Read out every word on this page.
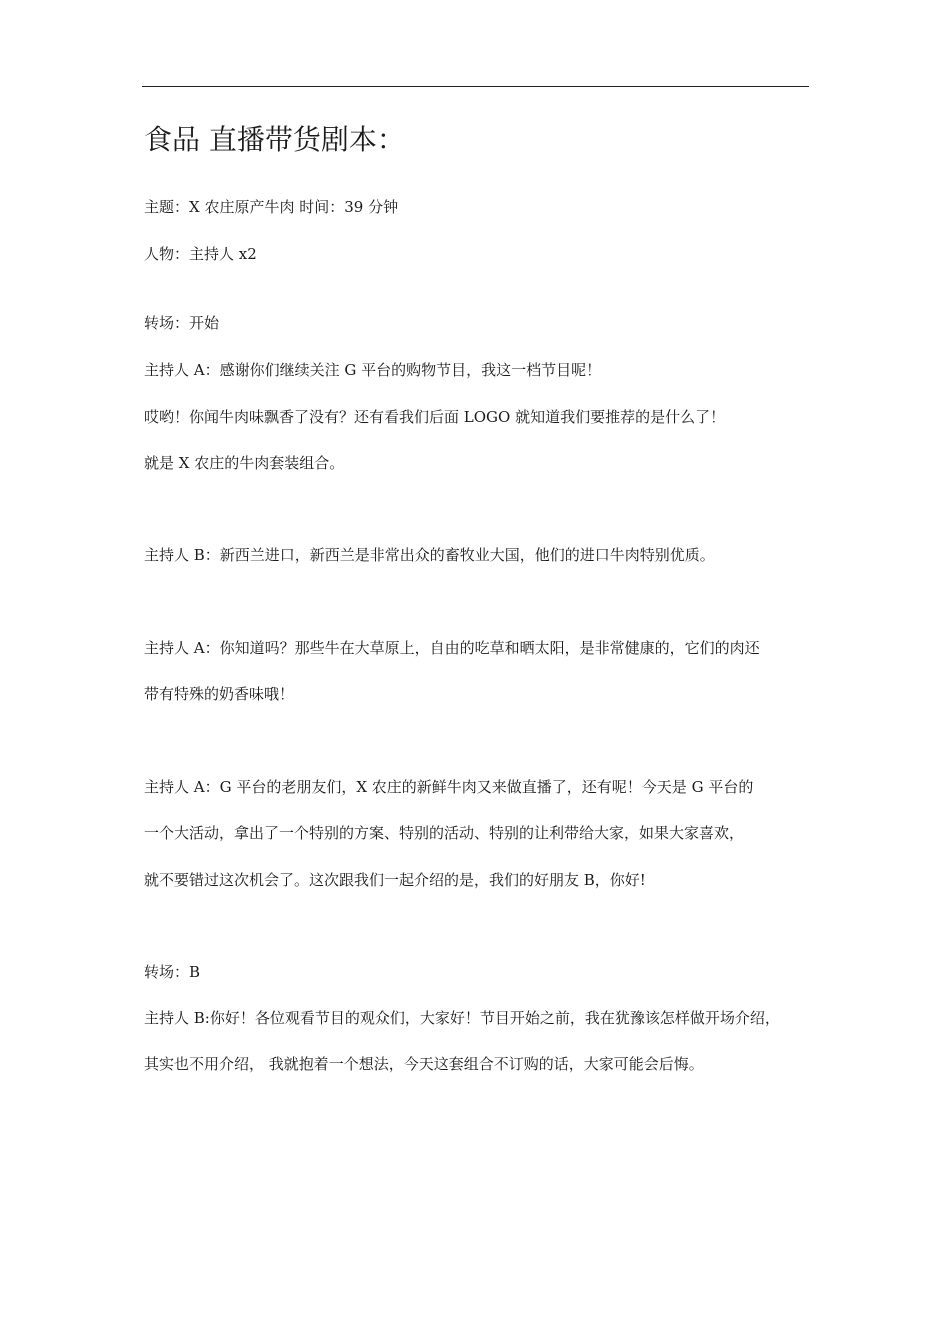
食品 直播带货剧本：

主题：X 农庄原产牛肉 时间：39 分钟

人物：主持人 x2

转场：开始

主持人 A：感谢你们继续关注 G 平台的购物节目，我这一档节目呢！

哎哟！你闻牛肉味飘香了没有？还有看我们后面 LOGO 就知道我们要推荐的是什么了！

就是 X 农庄的牛肉套装组合。

主持人 B：新西兰进口，新西兰是非常出众的畜牧业大国，他们的进口牛肉特别优质。

主持人 A：你知道吗？那些牛在大草原上，自由的吃草和晒太阳，是非常健康的，它们的肉还

带有特殊的奶香味哦！

主持人 A：G 平台的老朋友们，X 农庄的新鲜牛肉又来做直播了，还有呢！今天是 G 平台的

一个大活动，拿出了一个特别的方案、特别的活动、特别的让利带给大家，如果大家喜欢，

就不要错过这次机会了。这次跟我们一起介绍的是，我们的好朋友 B，你好!

转场：B

主持人 B:你好！各位观看节目的观众们，大家好！节目开始之前，我在犹豫该怎样做开场介绍，

其实也不用介绍， 我就抱着一个想法，今天这套组合不订购的话，大家可能会后悔。
